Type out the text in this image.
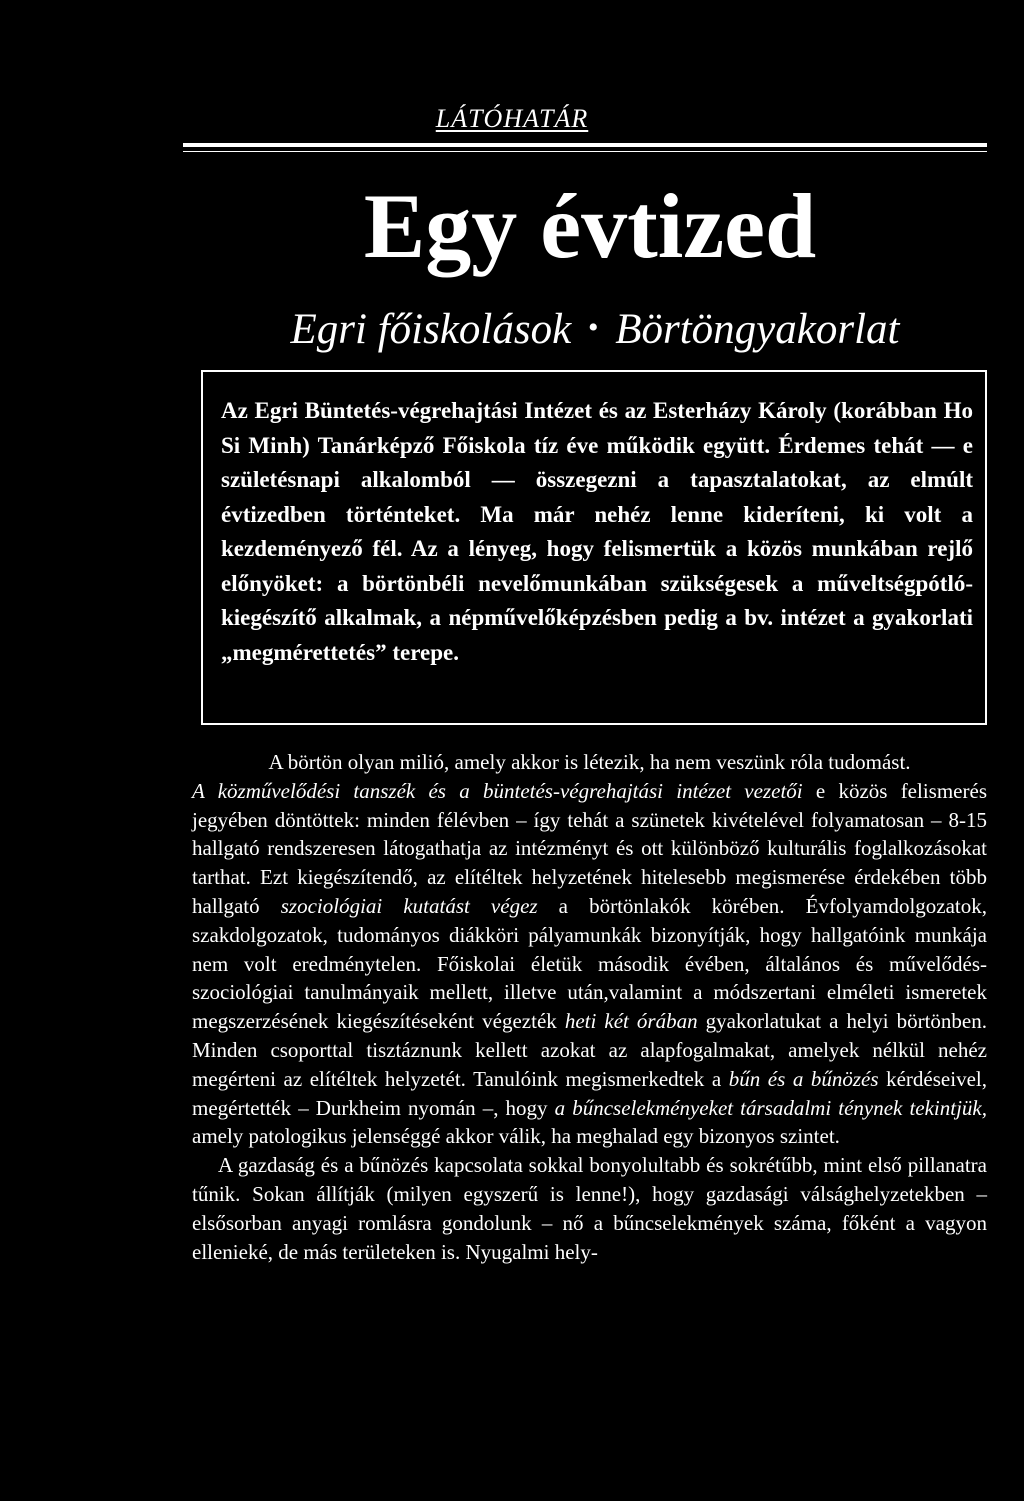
LÁTÓHATÁR
Egy évtized
Egri főiskolások • Börtöngyakorlat

Az Egri Büntetés-végrehajtási Intézet és az Esterházy Károly (korábban Ho Si Minh) Tanárképző Főiskola tíz éve működik együtt. Érdemes tehát — e születésnapi alkalomból — összegezni a tapasztalatokat, az elmúlt évtizedben történteket. Ma már nehéz lenne kideríteni, ki volt a kezdeményező fél. Az a lényeg, hogy felismertük a közös munkában rejlő előnyöket: a börtönbéli nevelőmunkában szükségesek a műveltségpótló-kiegészítő alkalmak, a népművelőképzésben pedig a bv. intézet a gyakorlati „megmérettetés” terepe.

A börtön olyan milió, amely akkor is létezik, ha nem veszünk róla tudomást.

A közművelődési tanszék és a büntetés-végrehajtási intézet vezetői e közös felismerés jegyében döntöttek: minden félévben – így tehát a szünetek kivételével folyamatosan – 8-15 hallgató rendszeresen látogathatja az intézményt és ott különböző kulturális foglalkozásokat tarthat. Ezt kiegészítendő, az elítéltek helyzetének hitelesebb megismerése érdekében több hallgató szociológiai kutatást végez a börtönlakók körében. Évfolyamdolgozatok, szakdolgozatok, tudományos diákköri pályamunkák bizonyítják, hogy hallgatóink munkája nem volt eredménytelen. Főiskolai életük második évében, általános és művelődés-szociológiai tanulmányaik mellett, illetve után,valamint a módszertani elméleti ismeretek megszerzésének kiegészítéseként végezték heti két órában gyakorlatukat a helyi börtönben. Minden csoporttal tisztáznunk kellett azokat az alapfogalmakat, amelyek nélkül nehéz megérteni az elítéltek helyzetét. Tanulóink megismerkedtek a bűn és a bűnözés kérdéseivel, megértették – Durkheim nyomán –, hogy a bűncselekményeket társadalmi ténynek tekintjük, amely patologikus jelenséggé akkor válik, ha meghalad egy bizonyos szintet.

A gazdaság és a bűnözés kapcsolata sokkal bonyolultabb és sokrétűbb, mint első pillanatra tűnik. Sokan állítják (milyen egyszerű is lenne!), hogy gazdasági válsághelyzetekben – elsősorban anyagi romlásra gondolunk – nő a bűncselekmények száma, főként a vagyon ellenieké, de más területeken is. Nyugalmi hely-
